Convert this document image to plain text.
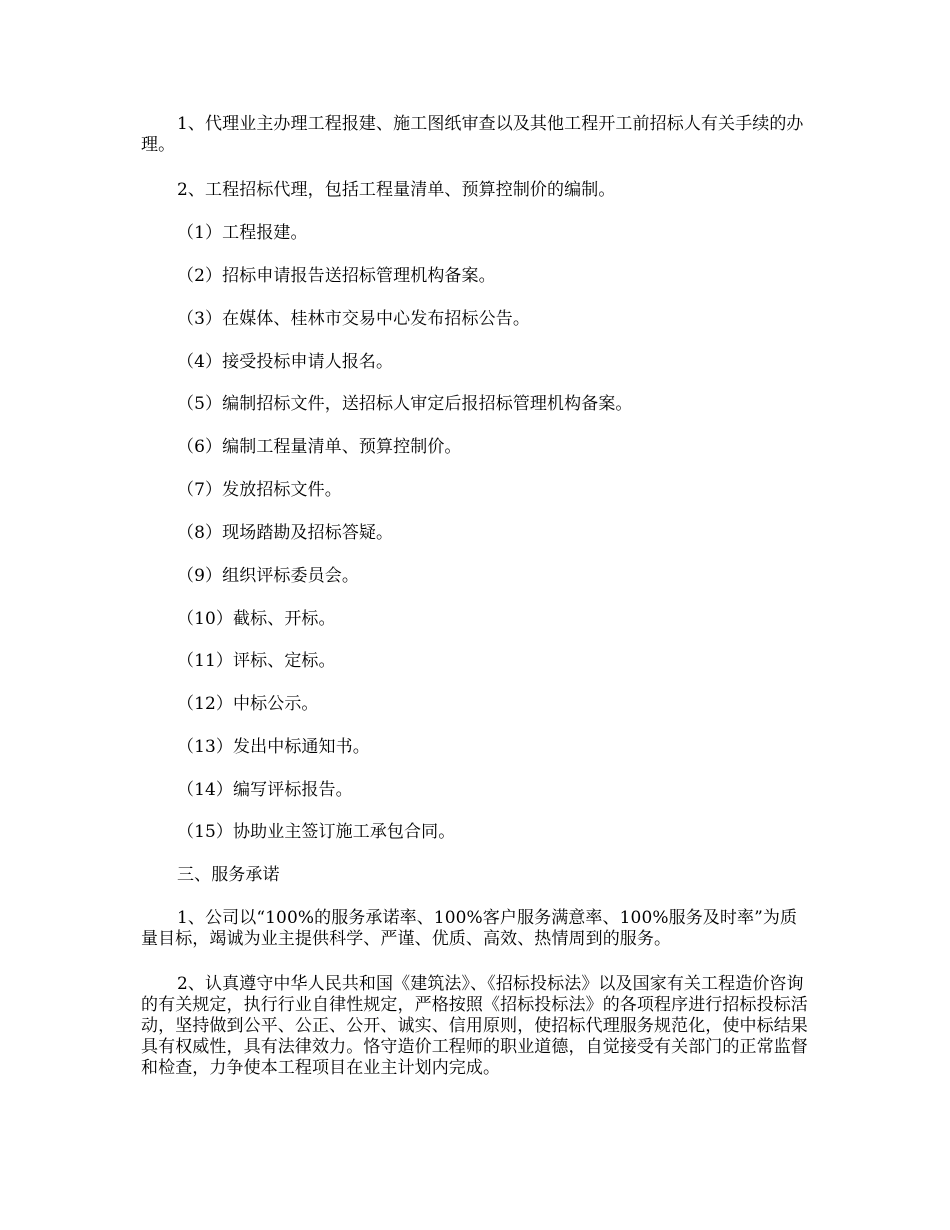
1、代理业主办理工程报建、施工图纸审查以及其他工程开工前招标人有关手续的办理。
2、工程招标代理，包括工程量清单、预算控制价的编制。
（1）工程报建。
（2）招标申请报告送招标管理机构备案。
（3）在媒体、桂林市交易中心发布招标公告。
（4）接受投标申请人报名。
（5）编制招标文件，送招标人审定后报招标管理机构备案。
（6）编制工程量清单、预算控制价。
（7）发放招标文件。
（8）现场踏勘及招标答疑。
（9）组织评标委员会。
（10）截标、开标。
（11）评标、定标。
（12）中标公示。
（13）发出中标通知书。
（14）编写评标报告。
（15）协助业主签订施工承包合同。
三、服务承诺
1、公司以“100%的服务承诺率、100%客户服务满意率、100%服务及时率”为质量目标，竭诚为业主提供科学、严谨、优质、高效、热情周到的服务。
2、认真遵守中华人民共和国《建筑法》、《招标投标法》以及国家有关工程造价咨询的有关规定，执行行业自律性规定，严格按照《招标投标法》的各项程序进行招标投标活动，坚持做到公平、公正、公开、诚实、信用原则，使招标代理服务规范化，使中标结果具有权威性，具有法律效力。恪守造价工程师的职业道德，自觉接受有关部门的正常监督和检查，力争使本工程项目在业主计划内完成。
